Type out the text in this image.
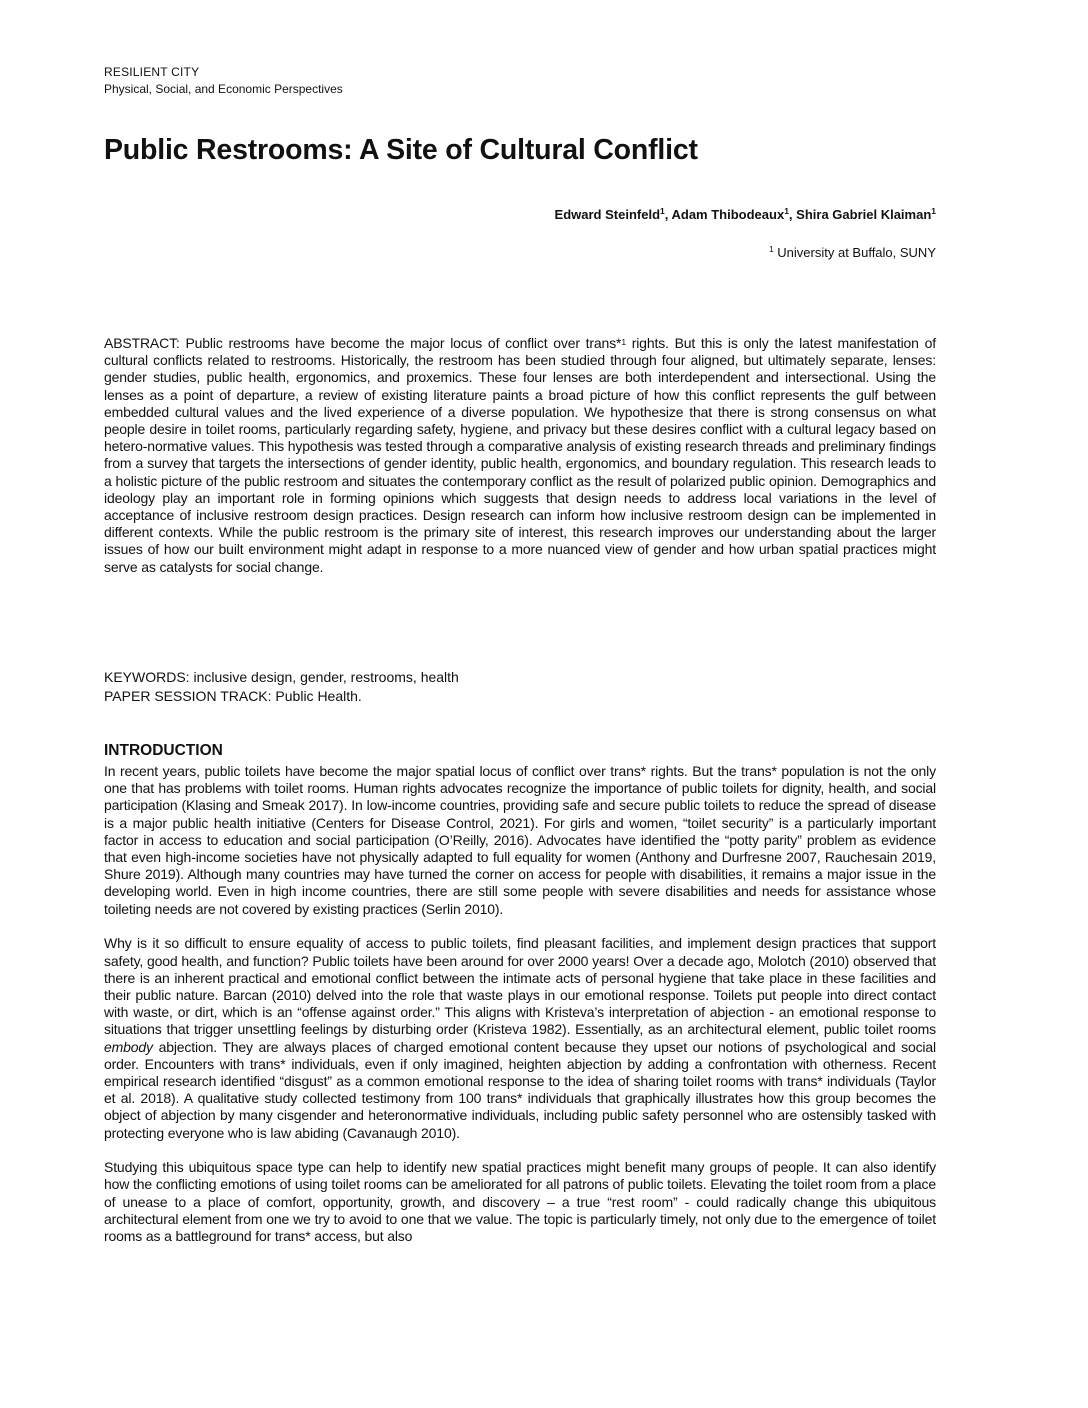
RESILIENT CITY
Physical, Social, and Economic Perspectives
Public Restrooms: A Site of Cultural Conflict
Edward Steinfeld$^1$, Adam Thibodeaux$^1$, Shira Gabriel Klaiman$^1$
$^1$ University at Buffalo, SUNY

ABSTRACT: Public restrooms have become the major locus of conflict over trans*$^1$ rights. But this is only the latest manifestation of cultural conflicts related to restrooms. Historically, the restroom has been studied through four aligned, but ultimately separate, lenses: gender studies, public health, ergonomics, and proxemics. These four lenses are both interdependent and intersectional. Using the lenses as a point of departure, a review of existing literature paints a broad picture of how this conflict represents the gulf between embedded cultural values and the lived experience of a diverse population. We hypothesize that there is strong consensus on what people desire in toilet rooms, particularly regarding safety, hygiene, and privacy but these desires conflict with a cultural legacy based on hetero-normative values. This hypothesis was tested through a comparative analysis of existing research threads and preliminary findings from a survey that targets the intersections of gender identity, public health, ergonomics, and boundary regulation. This research leads to a holistic picture of the public restroom and situates the contemporary conflict as the result of polarized public opinion. Demographics and ideology play an important role in forming opinions which suggests that design needs to address local variations in the level of acceptance of inclusive restroom design practices. Design research can inform how inclusive restroom design can be implemented in different contexts. While the public restroom is the primary site of interest, this research improves our understanding about the larger issues of how our built environment might adapt in response to a more nuanced view of gender and how urban spatial practices might serve as catalysts for social change.

KEYWORDS: inclusive design, gender, restrooms, health
PAPER SESSION TRACK: Public Health.
INTRODUCTION

In recent years, public toilets have become the major spatial locus of conflict over trans* rights. But the trans* population is not the only one that has problems with toilet rooms. Human rights advocates recognize the importance of public toilets for dignity, health, and social participation (Klasing and Smeak 2017). In low-income countries, providing safe and secure public toilets to reduce the spread of disease is a major public health initiative (Centers for Disease Control, 2021). For girls and women, “toilet security” is a particularly important factor in access to education and social participation (O’Reilly, 2016). Advocates have identified the “potty parity” problem as evidence that even high-income societies have not physically adapted to full equality for women (Anthony and Durfresne 2007, Rauchesain 2019, Shure 2019). Although many countries may have turned the corner on access for people with disabilities, it remains a major issue in the developing world. Even in high income countries, there are still some people with severe disabilities and needs for assistance whose toileting needs are not covered by existing practices (Serlin 2010).

Why is it so difficult to ensure equality of access to public toilets, find pleasant facilities, and implement design practices that support safety, good health, and function? Public toilets have been around for over 2000 years! Over a decade ago, Molotch (2010) observed that there is an inherent practical and emotional conflict between the intimate acts of personal hygiene that take place in these facilities and their public nature. Barcan (2010) delved into the role that waste plays in our emotional response. Toilets put people into direct contact with waste, or dirt, which is an “offense against order.” This aligns with Kristeva’s interpretation of abjection - an emotional response to situations that trigger unsettling feelings by disturbing order (Kristeva 1982). Essentially, as an architectural element, public toilet rooms embody abjection. They are always places of charged emotional content because they upset our notions of psychological and social order. Encounters with trans* individuals, even if only imagined, heighten abjection by adding a confrontation with otherness. Recent empirical research identified “disgust” as a common emotional response to the idea of sharing toilet rooms with trans* individuals (Taylor et al. 2018). A qualitative study collected testimony from 100 trans* individuals that graphically illustrates how this group becomes the object of abjection by many cisgender and heteronormative individuals, including public safety personnel who are ostensibly tasked with protecting everyone who is law abiding (Cavanaugh 2010).

Studying this ubiquitous space type can help to identify new spatial practices might benefit many groups of people. It can also identify how the conflicting emotions of using toilet rooms can be ameliorated for all patrons of public toilets. Elevating the toilet room from a place of unease to a place of comfort, opportunity, growth, and discovery – a true “rest room” - could radically change this ubiquitous architectural element from one we try to avoid to one that we value. The topic is particularly timely, not only due to the emergence of toilet rooms as a battleground for trans* access, but also
